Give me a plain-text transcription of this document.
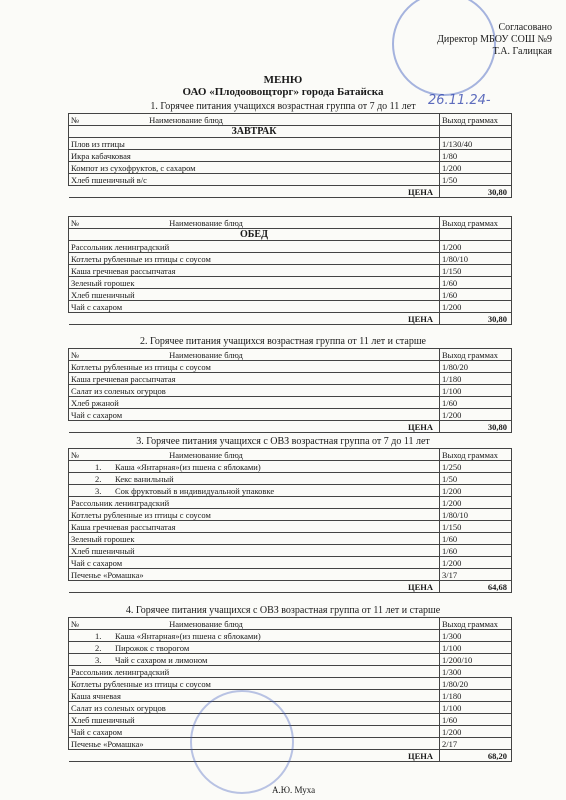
Согласовано
Директор МБОУ СОШ №9
Т.А. Галицкая
26.11.24-
МЕНЮ
ОАО «Плодоовощторг» города Батайска
1. Горячее питания учащихся возрастная группа от 7 до 11 лет
№ Наименование блюд	Выход граммах
ЗАВТРАК	
Плов из птицы	1/130/40
Икра кабачковая	1/80
Компот из сухофруктов, с сахаром	1/200
Хлеб пшеничный в/с	1/50
ЦЕНА	30,80
№ Наименование блюд	Выход граммах
ОБЕД	
Рассольник ленинградский	1/200
Котлеты рубленные из птицы с соусом	1/80/10
Каша гречневая рассыпчатая	1/150
Зеленый горошек	1/60
Хлеб пшеничный	1/60
Чай с сахаром	1/200
ЦЕНА	30,80
2. Горячее питания учащихся возрастная группа от 11 лет и старше
№ Наименование блюд	Выход граммах
Котлеты рубленные из птицы с соусом	1/80/20
Каша гречневая рассыпчатая	1/180
Салат из соленых огурцов	1/100
Хлеб ржаной	1/60
Чай с сахаром	1/200
ЦЕНА	30,80
3. Горячее питания учащихся с ОВЗ возрастная группа от 7 до 11 лет
№ Наименование блюд	Выход граммах
1. Каша «Янтарная»(из пшена с яблоками)	1/250
2. Кекс ванильный	1/50
3. Сок фруктовый в индивидуальной упаковке	1/200
Рассольник ленинградский	1/200
Котлеты рубленные из птицы с соусом	1/80/10
Каша гречневая рассыпчатая	1/150
Зеленый горошек	1/60
Хлеб пшеничный	1/60
Чай с сахаром	1/200
Печенье «Ромашка»	3/17
ЦЕНА	64,68
4. Горячее питания учащихся с ОВЗ возрастная группа от 11 лет и старше
№ Наименование блюд	Выход граммах
1. Каша «Янтарная»(из пшена с яблоками)	1/300
2. Пирожок с творогом	1/100
3. Чай с сахаром и лимоном	1/200/10
Рассольник ленинградский	1/300
Котлеты рубленные из птицы с соусом	1/80/20
Каша ячневая	1/180
Салат из соленых огурцов	1/100
Хлеб пшеничный	1/60
Чай с сахаром	1/200
Печенье «Ромашка»	2/17
ЦЕНА	68,20
А.Ю. Муха
